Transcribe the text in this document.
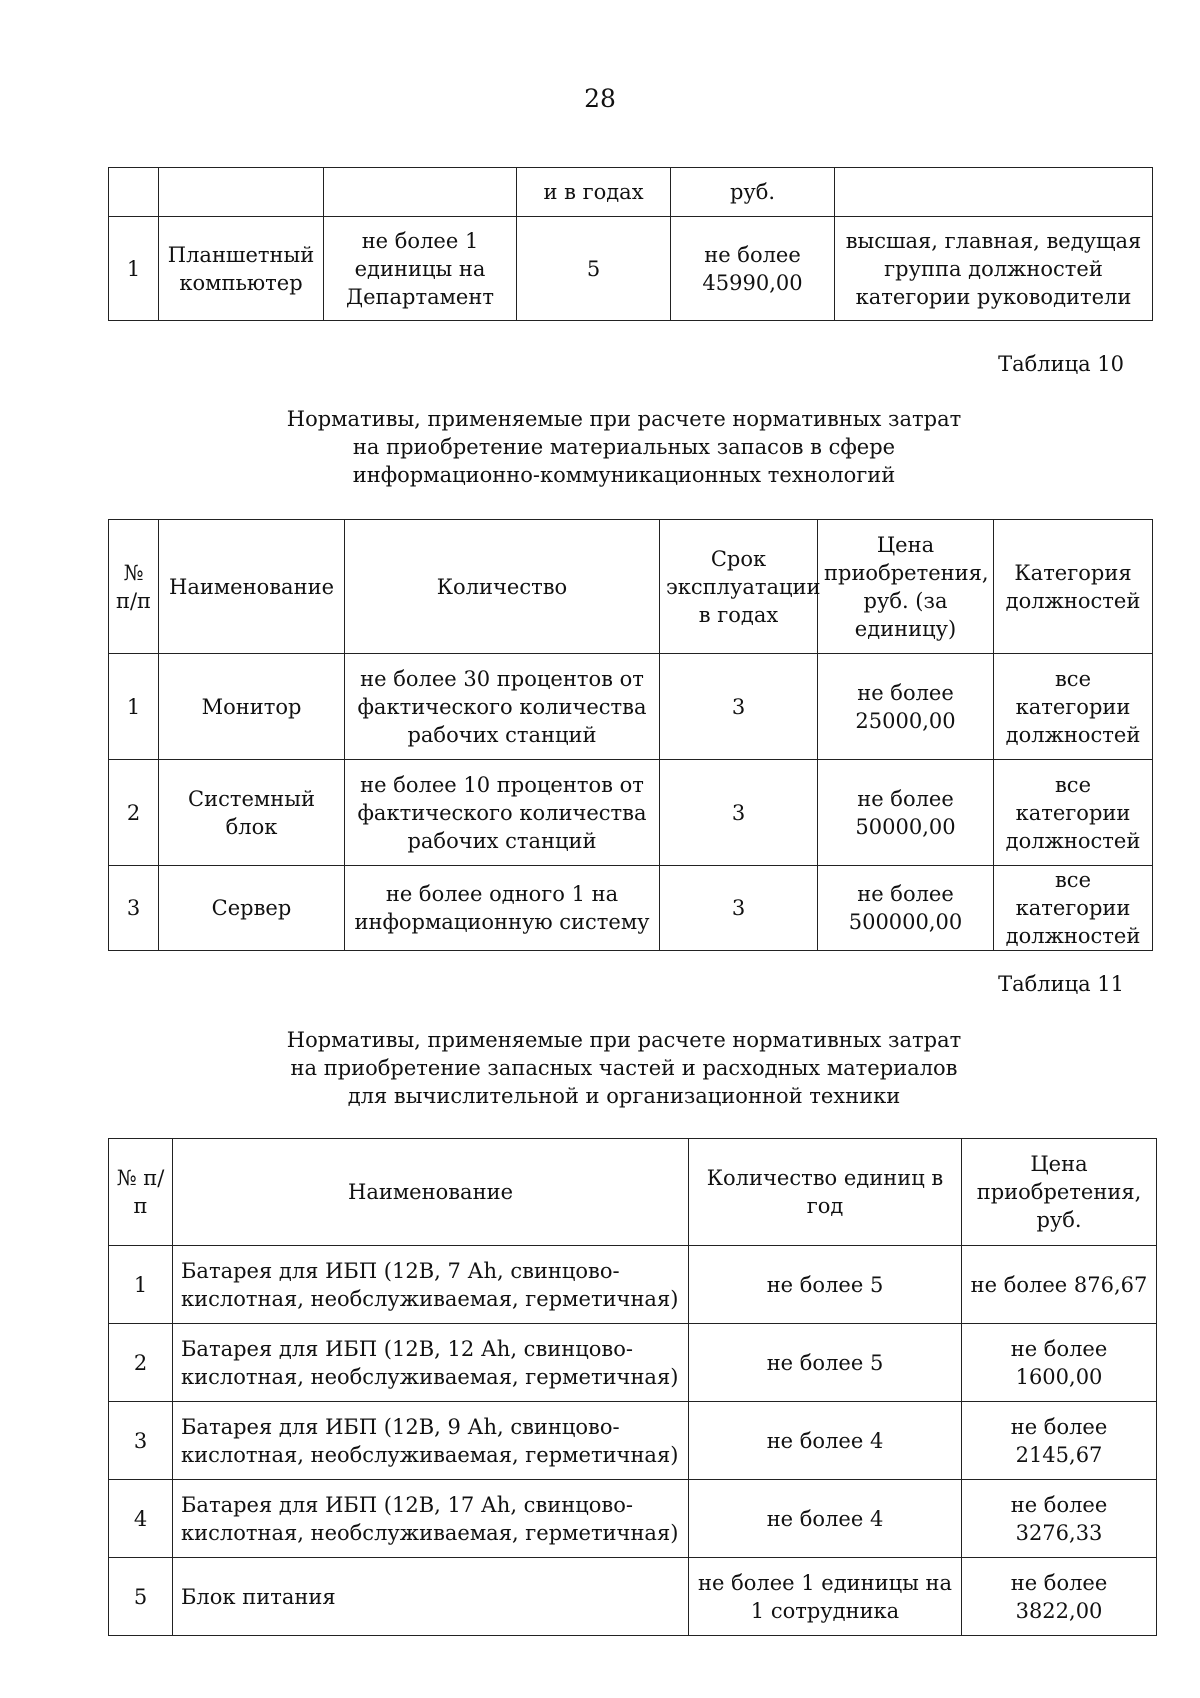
28
			и в годах	руб.	
1	Планшетный компьютер	не более 1 единицы на Департамент	5	не более 45990,00	высшая, главная, ведущая группа должностей категории руководители
Таблица 10
Нормативы, применяемые при расчете нормативных затрат
на приобретение материальных запасов в сфере
информационно-коммуникационных технологий
№ п/п	Наименование	Количество	Срок эксплуатации в годах	Цена приобретения, руб. (за единицу)	Категория должностей
1	Монитор	не более 30 процентов от фактического количества рабочих станций	3	не более 25000,00	все категории должностей
2	Системный блок	не более 10 процентов от фактического количества рабочих станций	3	не более 50000,00	все категории должностей
3	Сервер	не более одного 1 на информационную систему	3	не более 500000,00	все категории должностей
Таблица 11
Нормативы, применяемые при расчете нормативных затрат
на приобретение запасных частей и расходных материалов
для вычислительной и организационной техники
№ п/п	Наименование	Количество единиц в год	Цена приобретения, руб.
1	Батарея для ИБП (12В, 7 Аh, свинцово-кислотная, необслуживаемая, герметичная)	не более 5	не более 876,67
2	Батарея для ИБП (12В, 12 Аh, свинцово-кислотная, необслуживаемая, герметичная)	не более 5	не более 1600,00
3	Батарея для ИБП (12В, 9 Аh, свинцово-кислотная, необслуживаемая, герметичная)	не более 4	не более 2145,67
4	Батарея для ИБП (12В, 17 Аh, свинцово-кислотная, необслуживаемая, герметичная)	не более 4	не более 3276,33
5	Блок питания	не более 1 единицы на 1 сотрудника	не более 3822,00
